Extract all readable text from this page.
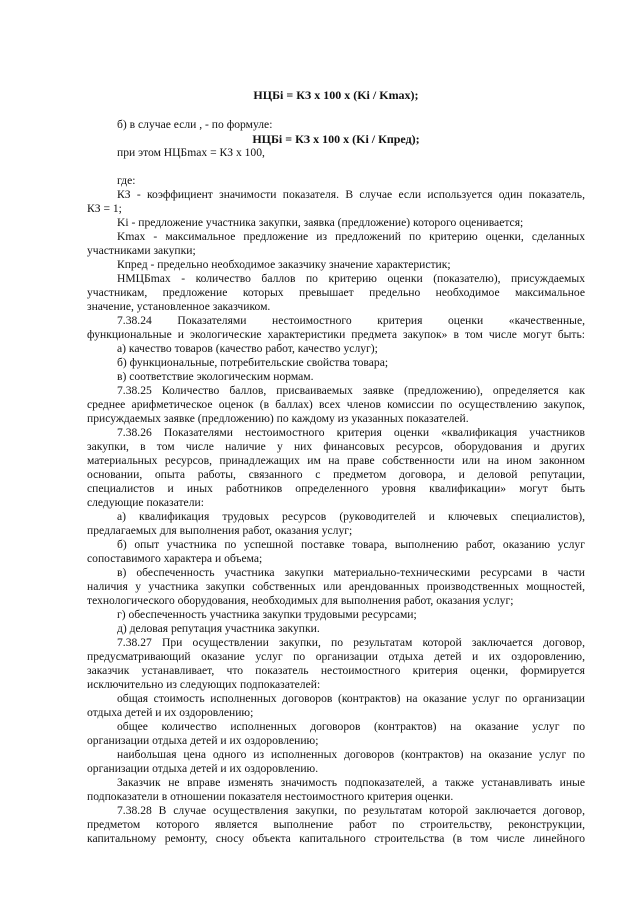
НЦБi = КЗ x 100 x (Ki / Kmax);
б) в случае если , - по формуле:
НЦБi = КЗ x 100 x (Ki / Кпред);
при этом НЦБmax = КЗ x 100,
где:
КЗ - коэффициент значимости показателя. В случае если используется один показатель,
КЗ = 1;
Ki - предложение участника закупки, заявка (предложение) которого оценивается;
Kmax - максимальное предложение из предложений по критерию оценки, сделанных
участниками закупки;
Кпред - предельно необходимое заказчику значение характеристик;
НМЦБmax - количество баллов по критерию оценки (показателю), присуждаемых
участникам, предложение которых превышает предельно необходимое максимальное
значение, установленное заказчиком.
7.38.24 Показателями нестоимостного критерия оценки «качественные,
функциональные и экологические характеристики предмета закупок» в том числе могут быть:
а) качество товаров (качество работ, качество услуг);
б) функциональные, потребительские свойства товара;
в) соответствие экологическим нормам.
7.38.25 Количество баллов, присваиваемых заявке (предложению), определяется как
среднее арифметическое оценок (в баллах) всех членов комиссии по осуществлению закупок,
присуждаемых заявке (предложению) по каждому из указанных показателей.
7.38.26 Показателями нестоимостного критерия оценки «квалификация участников
закупки, в том числе наличие у них финансовых ресурсов, оборудования и других
материальных ресурсов, принадлежащих им на праве собственности или на ином законном
основании, опыта работы, связанного с предметом договора, и деловой репутации,
специалистов и иных работников определенного уровня квалификации» могут быть
следующие показатели:
а) квалификация трудовых ресурсов (руководителей и ключевых специалистов),
предлагаемых для выполнения работ, оказания услуг;
б) опыт участника по успешной поставке товара, выполнению работ, оказанию услуг
сопоставимого характера и объема;
в) обеспеченность участника закупки материально-техническими ресурсами в части
наличия у участника закупки собственных или арендованных производственных мощностей,
технологического оборудования, необходимых для выполнения работ, оказания услуг;
г) обеспеченность участника закупки трудовыми ресурсами;
д) деловая репутация участника закупки.
7.38.27 При осуществлении закупки, по результатам которой заключается договор,
предусматривающий оказание услуг по организации отдыха детей и их оздоровлению,
заказчик устанавливает, что показатель нестоимостного критерия оценки, формируется
исключительно из следующих подпоказателей:
общая стоимость исполненных договоров (контрактов) на оказание услуг по организации
отдыха детей и их оздоровлению;
общее количество исполненных договоров (контрактов) на оказание услуг по
организации отдыха детей и их оздоровлению;
наибольшая цена одного из исполненных договоров (контрактов) на оказание услуг по
организации отдыха детей и их оздоровлению.
Заказчик не вправе изменять значимость подпоказателей, а также устанавливать иные
подпоказатели в отношении показателя нестоимостного критерия оценки.
7.38.28 В случае осуществления закупки, по результатам которой заключается договор,
предметом которого является выполнение работ по строительству, реконструкции,
капитальному ремонту, сносу объекта капитального строительства (в том числе линейного
